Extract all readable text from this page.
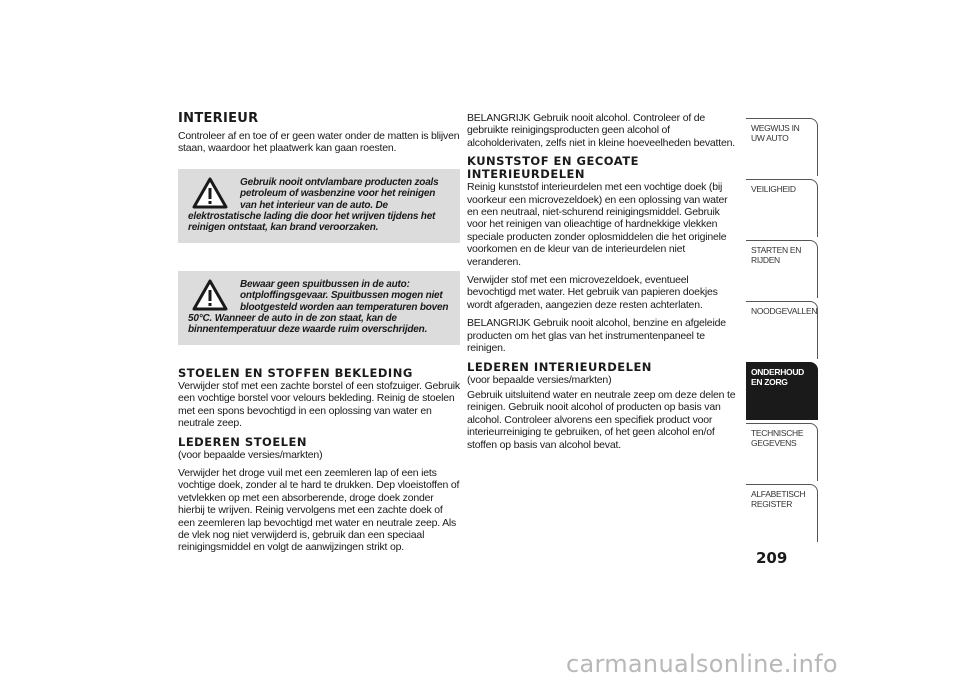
INTERIEUR

Controleer af en toe of er geen water onder de matten is blijven staan, waardoor het plaatwerk kan gaan roesten.

Gebruik nooit ontvlambare producten zoals petroleum of wasbenzine voor het reinigen van het interieur van de auto. De elektrostatische lading die door het wrijven tijdens het reinigen ontstaat, kan brand veroorzaken.
Bewaar geen spuitbussen in de auto: ontploffingsgevaar. Spuitbussen mogen niet blootgesteld worden aan temperaturen boven 50°C. Wanneer de auto in de zon staat, kan de binnentemperatuur deze waarde ruim overschrijden.
STOELEN EN STOFFEN BEKLEDING

Verwijder stof met een zachte borstel of een stofzuiger. Gebruik een vochtige borstel voor velours bekleding. Reinig de stoelen met een spons bevochtigd in een oplossing van water en neutrale zeep.

LEDEREN STOELEN
(voor bepaalde versies/markten)

Verwijder het droge vuil met een zeemleren lap of een iets vochtige doek, zonder al te hard te drukken. Dep vloeistoffen of vetvlekken op met een absorberende, droge doek zonder hierbij te wrijven. Reinig vervolgens met een zachte doek of een zeemleren lap bevochtigd met water en neutrale zeep. Als de vlek nog niet verwijderd is, gebruik dan een speciaal reinigingsmiddel en volgt de aanwijzingen strikt op.

BELANGRIJK Gebruik nooit alcohol. Controleer of de gebruikte reinigingsproducten geen alcohol of alcoholderivaten, zelfs niet in kleine hoeveelheden bevatten.

KUNSTSTOF EN GECOATE INTERIEURDELEN

Reinig kunststof interieurdelen met een vochtige doek (bij voorkeur een microvezeldoek) en een oplossing van water en een neutraal, niet-schurend reinigingsmiddel. Gebruik voor het reinigen van olieachtige of hardnekkige vlekken speciale producten zonder oplosmiddelen die het originele voorkomen en de kleur van de interieurdelen niet veranderen.

Verwijder stof met een microvezeldoek, eventueel bevochtigd met water. Het gebruik van papieren doekjes wordt afgeraden, aangezien deze resten achterlaten.

BELANGRIJK Gebruik nooit alcohol, benzine en afgeleide producten om het glas van het instrumentenpaneel te reinigen.

LEDEREN INTERIEURDELEN
(voor bepaalde versies/markten)

Gebruik uitsluitend water en neutrale zeep om deze delen te reinigen. Gebruik nooit alcohol of producten op basis van alcohol. Controleer alvorens een specifiek product voor interieurreiniging te gebruiken, of het geen alcohol en/of stoffen op basis van alcohol bevat.

WEGWIJS IN UW AUTO
VEILIGHEID
STARTEN EN RIJDEN
NOODGEVALLEN
ONDERHOUD EN ZORG
TECHNISCHE GEGEVENS
ALFABETISCH REGISTER
209
carmanualsonline.info
